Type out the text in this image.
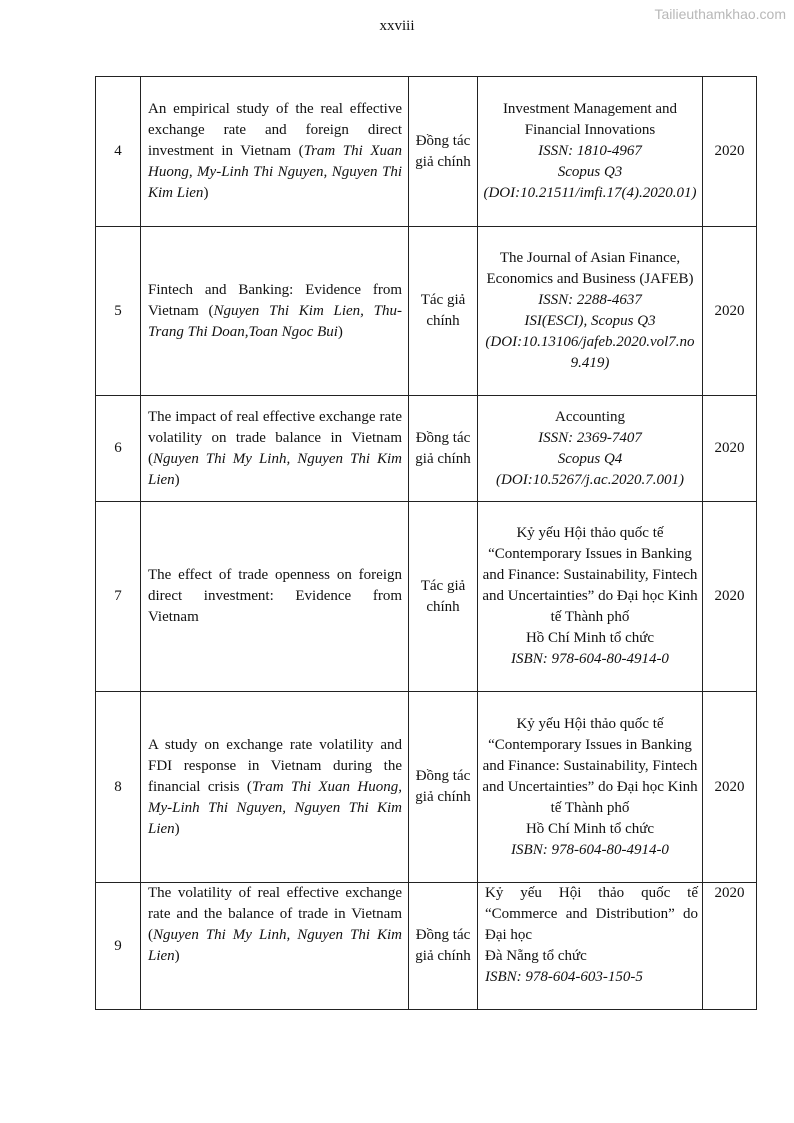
Tailieuthamkhao.com
xxviii
4	An empirical study of the real effective exchange rate and foreign direct investment in Vietnam (Tram Thi Xuan Huong, My-Linh Thi Nguyen, Nguyen Thi Kim Lien)	Đồng tác giả chính	Investment Management and Financial Innovations
ISSN: 1810-4967
Scopus Q3
(DOI:10.21511/imfi.17(4).2020.01)	2020
5	Fintech and Banking: Evidence from Vietnam (Nguyen Thi Kim Lien, Thu-Trang Thi Doan,Toan Ngoc Bui)	Tác giả chính	The Journal of Asian Finance, Economics and Business (JAFEB)
ISSN: 2288-4637
ISI(ESCI), Scopus Q3
(DOI:10.13106/jafeb.2020.vol7.no9.419)	2020
6	The impact of real effective exchange rate volatility on trade balance in Vietnam (Nguyen Thi My Linh, Nguyen Thi Kim Lien)	Đồng tác giả chính	Accounting
ISSN: 2369-7407
Scopus Q4
(DOI:10.5267/j.ac.2020.7.001)	2020
7	The effect of trade openness on foreign direct investment: Evidence from Vietnam	Tác giả chính	Kỷ yếu Hội thảo quốc tế “Contemporary Issues in Banking and Finance: Sustainability, Fintech and Uncertainties” do Đại học Kinh tế Thành phố
Hồ Chí Minh tổ chức
ISBN: 978-604-80-4914-0	2020
8	A study on exchange rate volatility and FDI response in Vietnam during the financial crisis (Tram Thi Xuan Huong, My-Linh Thi Nguyen, Nguyen Thi Kim Lien)	Đồng tác giả chính	Kỷ yếu Hội thảo quốc tế “Contemporary Issues in Banking and Finance: Sustainability, Fintech and Uncertainties” do Đại học Kinh tế Thành phố
Hồ Chí Minh tổ chức
ISBN: 978-604-80-4914-0	2020
9	The volatility of real effective exchange rate and the balance of trade in Vietnam (Nguyen Thi My Linh, Nguyen Thi Kim Lien)	Đồng tác giả chính	Kỷ yếu Hội thảo quốc tế “Commerce and Distribution” do Đại học
Đà Nẵng tổ chức
ISBN: 978-604-603-150-5	2020
